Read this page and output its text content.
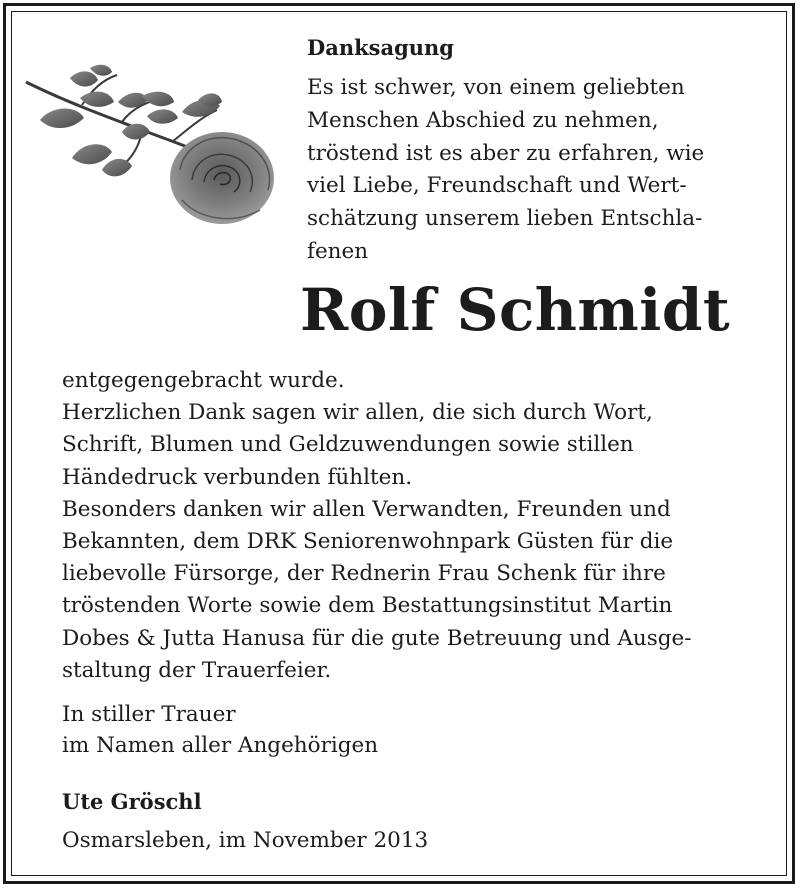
Danksagung
Es ist schwer, von einem geliebten
Menschen Abschied zu nehmen,
tröstend ist es aber zu erfahren, wie
viel Liebe, Freundschaft und Wert-
schätzung unserem lieben Entschla-
fenen
Rolf Schmidt

entgegengebracht wurde.

Herzlichen Dank sagen wir allen, die sich durch Wort,

Schrift, Blumen und Geldzuwendungen sowie stillen

Händedruck verbunden fühlten.

Besonders danken wir allen Verwandten, Freunden und

Bekannten, dem DRK Seniorenwohnpark Güsten für die

liebevolle Fürsorge, der Rednerin Frau Schenk für ihre

tröstenden Worte sowie dem Bestattungsinstitut Martin

Dobes & Jutta Hanusa für die gute Betreuung und Ausge-

staltung der Trauerfeier.

In stiller Trauer
im Namen aller Angehörigen
Ute Gröschl
Osmarsleben, im November 2013
